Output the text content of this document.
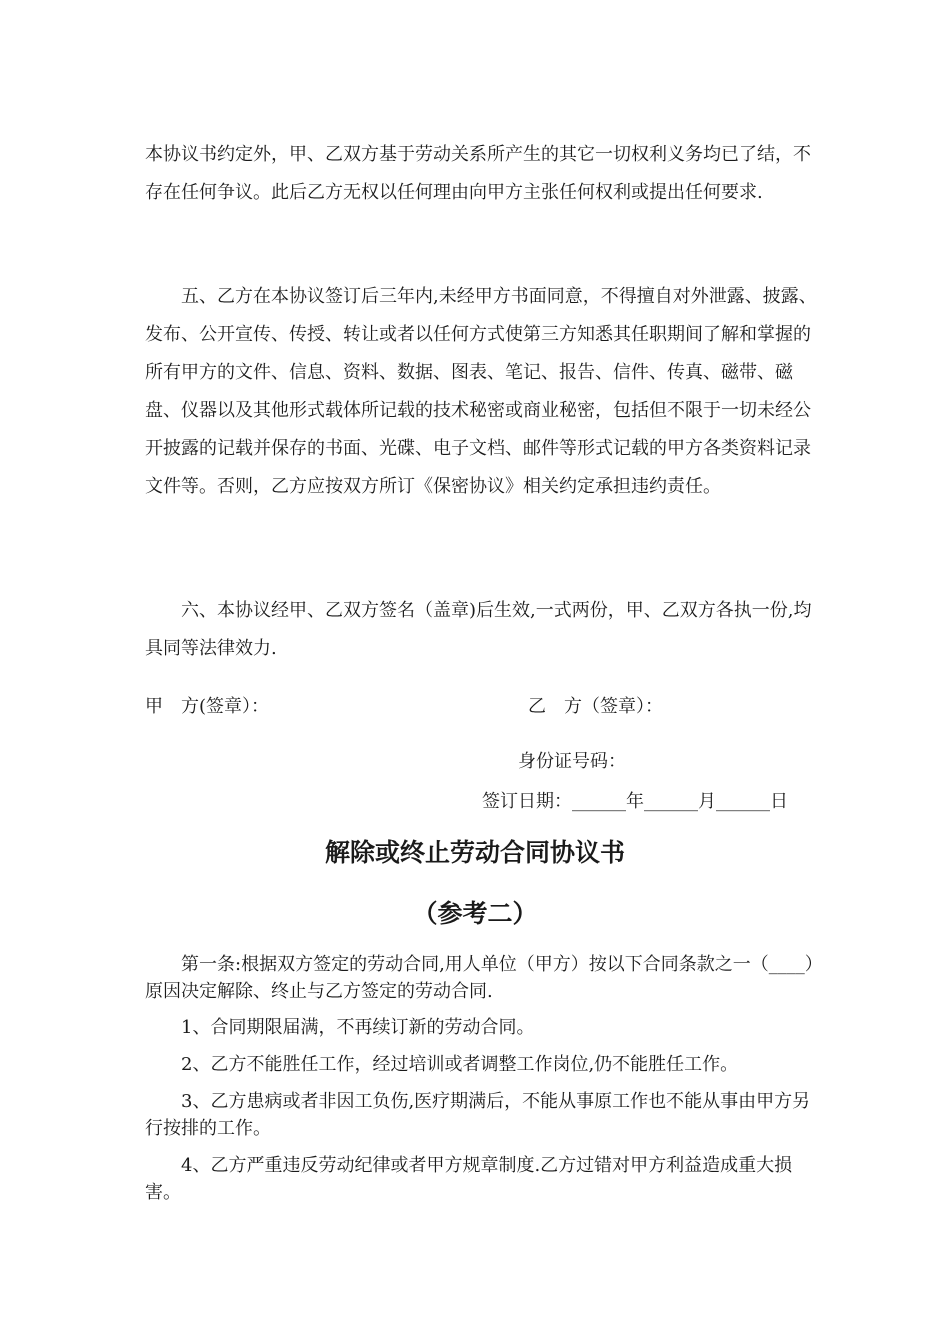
本协议书约定外，甲、乙双方基于劳动关系所产生的其它一切权利义务均已了结，不存在任何争议。此后乙方无权以任何理由向甲方主张任何权利或提出任何要求.

五、乙方在本协议签订后三年内,未经甲方书面同意，不得擅自对外泄露、披露、发布、公开宣传、传授、转让或者以任何方式使第三方知悉其任职期间了解和掌握的所有甲方的文件、信息、资料、数据、图表、笔记、报告、信件、传真、磁带、磁盘、仪器以及其他形式载体所记载的技术秘密或商业秘密，包括但不限于一切未经公开披露的记载并保存的书面、光碟、电子文档、邮件等形式记载的甲方各类资料记录文件等。否则，乙方应按双方所订《保密协议》相关约定承担违约责任。

六、本协议经甲、乙双方签名（盖章)后生效,一式两份，甲、乙双方各执一份,均具同等法律效力.

甲　方(签章）：	乙　方（签章）：
身份证号码：
签订日期：______年______月______日
解除或终止劳动合同协议书
（参考二）

第一条:根据双方签定的劳动合同,用人单位（甲方）按以下合同条款之一（____）原因决定解除、终止与乙方签定的劳动合同.

1、合同期限届满，不再续订新的劳动合同。

2、乙方不能胜任工作，经过培训或者调整工作岗位,仍不能胜任工作。

3、乙方患病或者非因工负伤,医疗期满后，不能从事原工作也不能从事由甲方另行按排的工作。

4、乙方严重违反劳动纪律或者甲方规章制度.乙方过错对甲方利益造成重大损害。
